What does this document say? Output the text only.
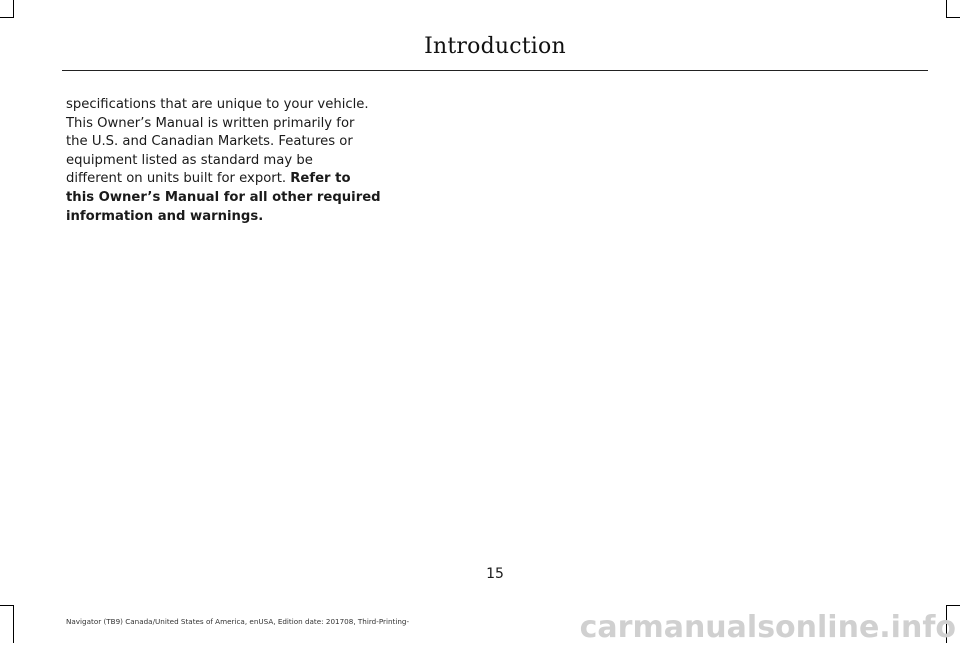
Introduction
specifications that are unique to your vehicle.
This Owner’s Manual is written primarily for
the U.S. and Canadian Markets. Features or
equipment listed as standard may be
different on units built for export. Refer to
this Owner’s Manual for all other required
information and warnings.
15
Navigator (TB9) Canada/United States of America, enUSA, Edition date: 201708, Third-Printing-	carmanualsonline.info
